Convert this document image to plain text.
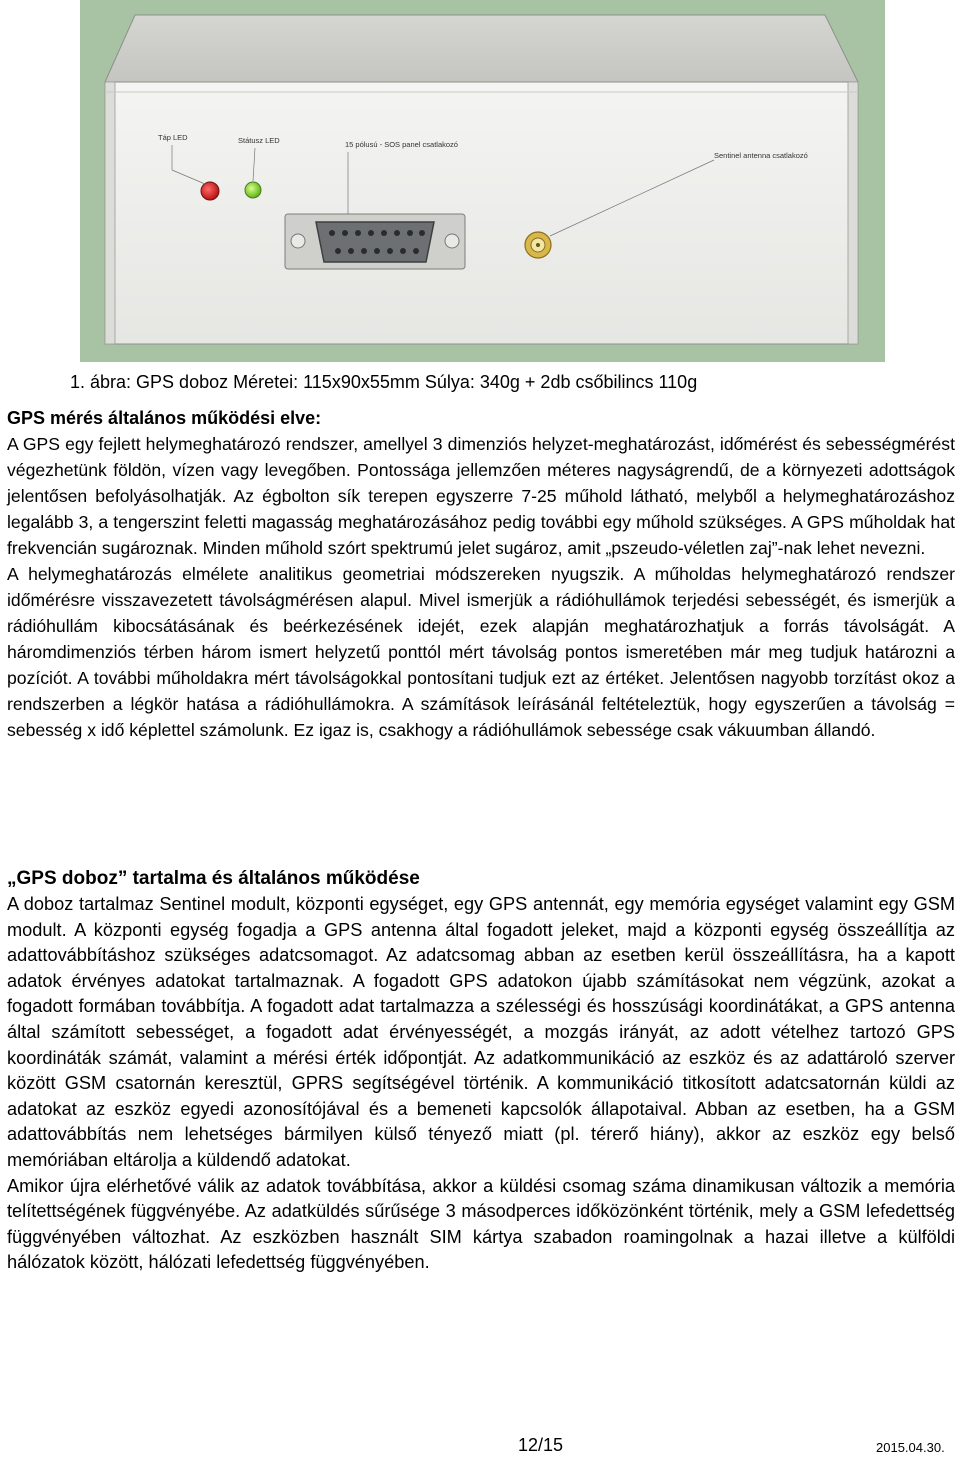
Táp LED	Státusz LED	15 pólusú - SOS panel csatlakozó
Sentinel antenna csatlakozó
1. ábra: GPS doboz Méretei: 115x90x55mm Súlya: 340g + 2db csőbilincs 110g
GPS mérés általános működési elve:

A GPS egy fejlett helymeghatározó rendszer, amellyel 3 dimenziós helyzet-meghatározást, időmérést és sebességmérést végezhetünk földön, vízen vagy levegőben. Pontossága jellemzően méteres nagyságrendű, de a környezeti adottságok jelentősen befolyásolhatják. Az égbolton sík terepen egyszerre 7-25 műhold látható, melyből a helymeghatározáshoz legalább 3, a tengerszint feletti magasság meghatározásához pedig további egy műhold szükséges. A GPS műholdak hat frekvencián sugároznak. Minden műhold szórt spektrumú jelet sugároz, amit „pszeudo-véletlen zaj”-nak lehet nevezni.

A helymeghatározás elmélete analitikus geometriai módszereken nyugszik. A műholdas helymeghatározó rendszer időmérésre visszavezetett távolságmérésen alapul. Mivel ismerjük a rádióhullámok terjedési sebességét, és ismerjük a rádióhullám kibocsátásának és beérkezésének idejét, ezek alapján meghatározhatjuk a forrás távolságát. A háromdimenziós térben három ismert helyzetű ponttól mért távolság pontos ismeretében már meg tudjuk határozni a pozíciót. A további műholdakra mért távolságokkal pontosítani tudjuk ezt az értéket. Jelentősen nagyobb torzítást okoz a rendszerben a légkör hatása a rádióhullámokra. A számítások leírásánál feltételeztük, hogy egyszerűen a távolság = sebesség x idő képlettel számolunk. Ez igaz is, csakhogy a rádióhullámok sebessége csak vákuumban állandó.

„GPS doboz” tartalma és általános működése

A doboz tartalmaz Sentinel modult, központi egységet, egy GPS antennát, egy memória egységet valamint egy GSM modult. A központi egység fogadja a GPS antenna által fogadott jeleket, majd a központi egység összeállítja az adattovábbításhoz szükséges adatcsomagot. Az adatcsomag abban az esetben kerül összeállításra, ha a kapott adatok érvényes adatokat tartalmaznak. A fogadott GPS adatokon újabb számításokat nem végzünk, azokat a fogadott formában továbbítja. A fogadott adat tartalmazza a szélességi és hosszúsági koordinátákat, a GPS antenna által számított sebességet, a fogadott adat érvényességét, a mozgás irányát, az adott vételhez tartozó GPS koordináták számát, valamint a mérési érték időpontját. Az adatkommunikáció az eszköz és az adattároló szerver között GSM csatornán keresztül, GPRS segítségével történik. A kommunikáció titkosított adatcsatornán küldi az adatokat az eszköz egyedi azonosítójával és a bemeneti kapcsolók állapotaival. Abban az esetben, ha a GSM adattovábbítás nem lehetséges bármilyen külső tényező miatt (pl. térerő hiány), akkor az eszköz egy belső memóriában eltárolja a küldendő adatokat.

Amikor újra elérhetővé válik az adatok továbbítása, akkor a küldési csomag száma dinamikusan változik a memória telítettségének függvényébe. Az adatküldés sűrűsége 3 másodperces időközönként történik, mely a GSM lefedettség függvényében változhat. Az eszközben használt SIM kártya szabadon roamingolnak a hazai illetve a külföldi hálózatok között, hálózati lefedettség függvényében.

12/15	2015.04.30.
